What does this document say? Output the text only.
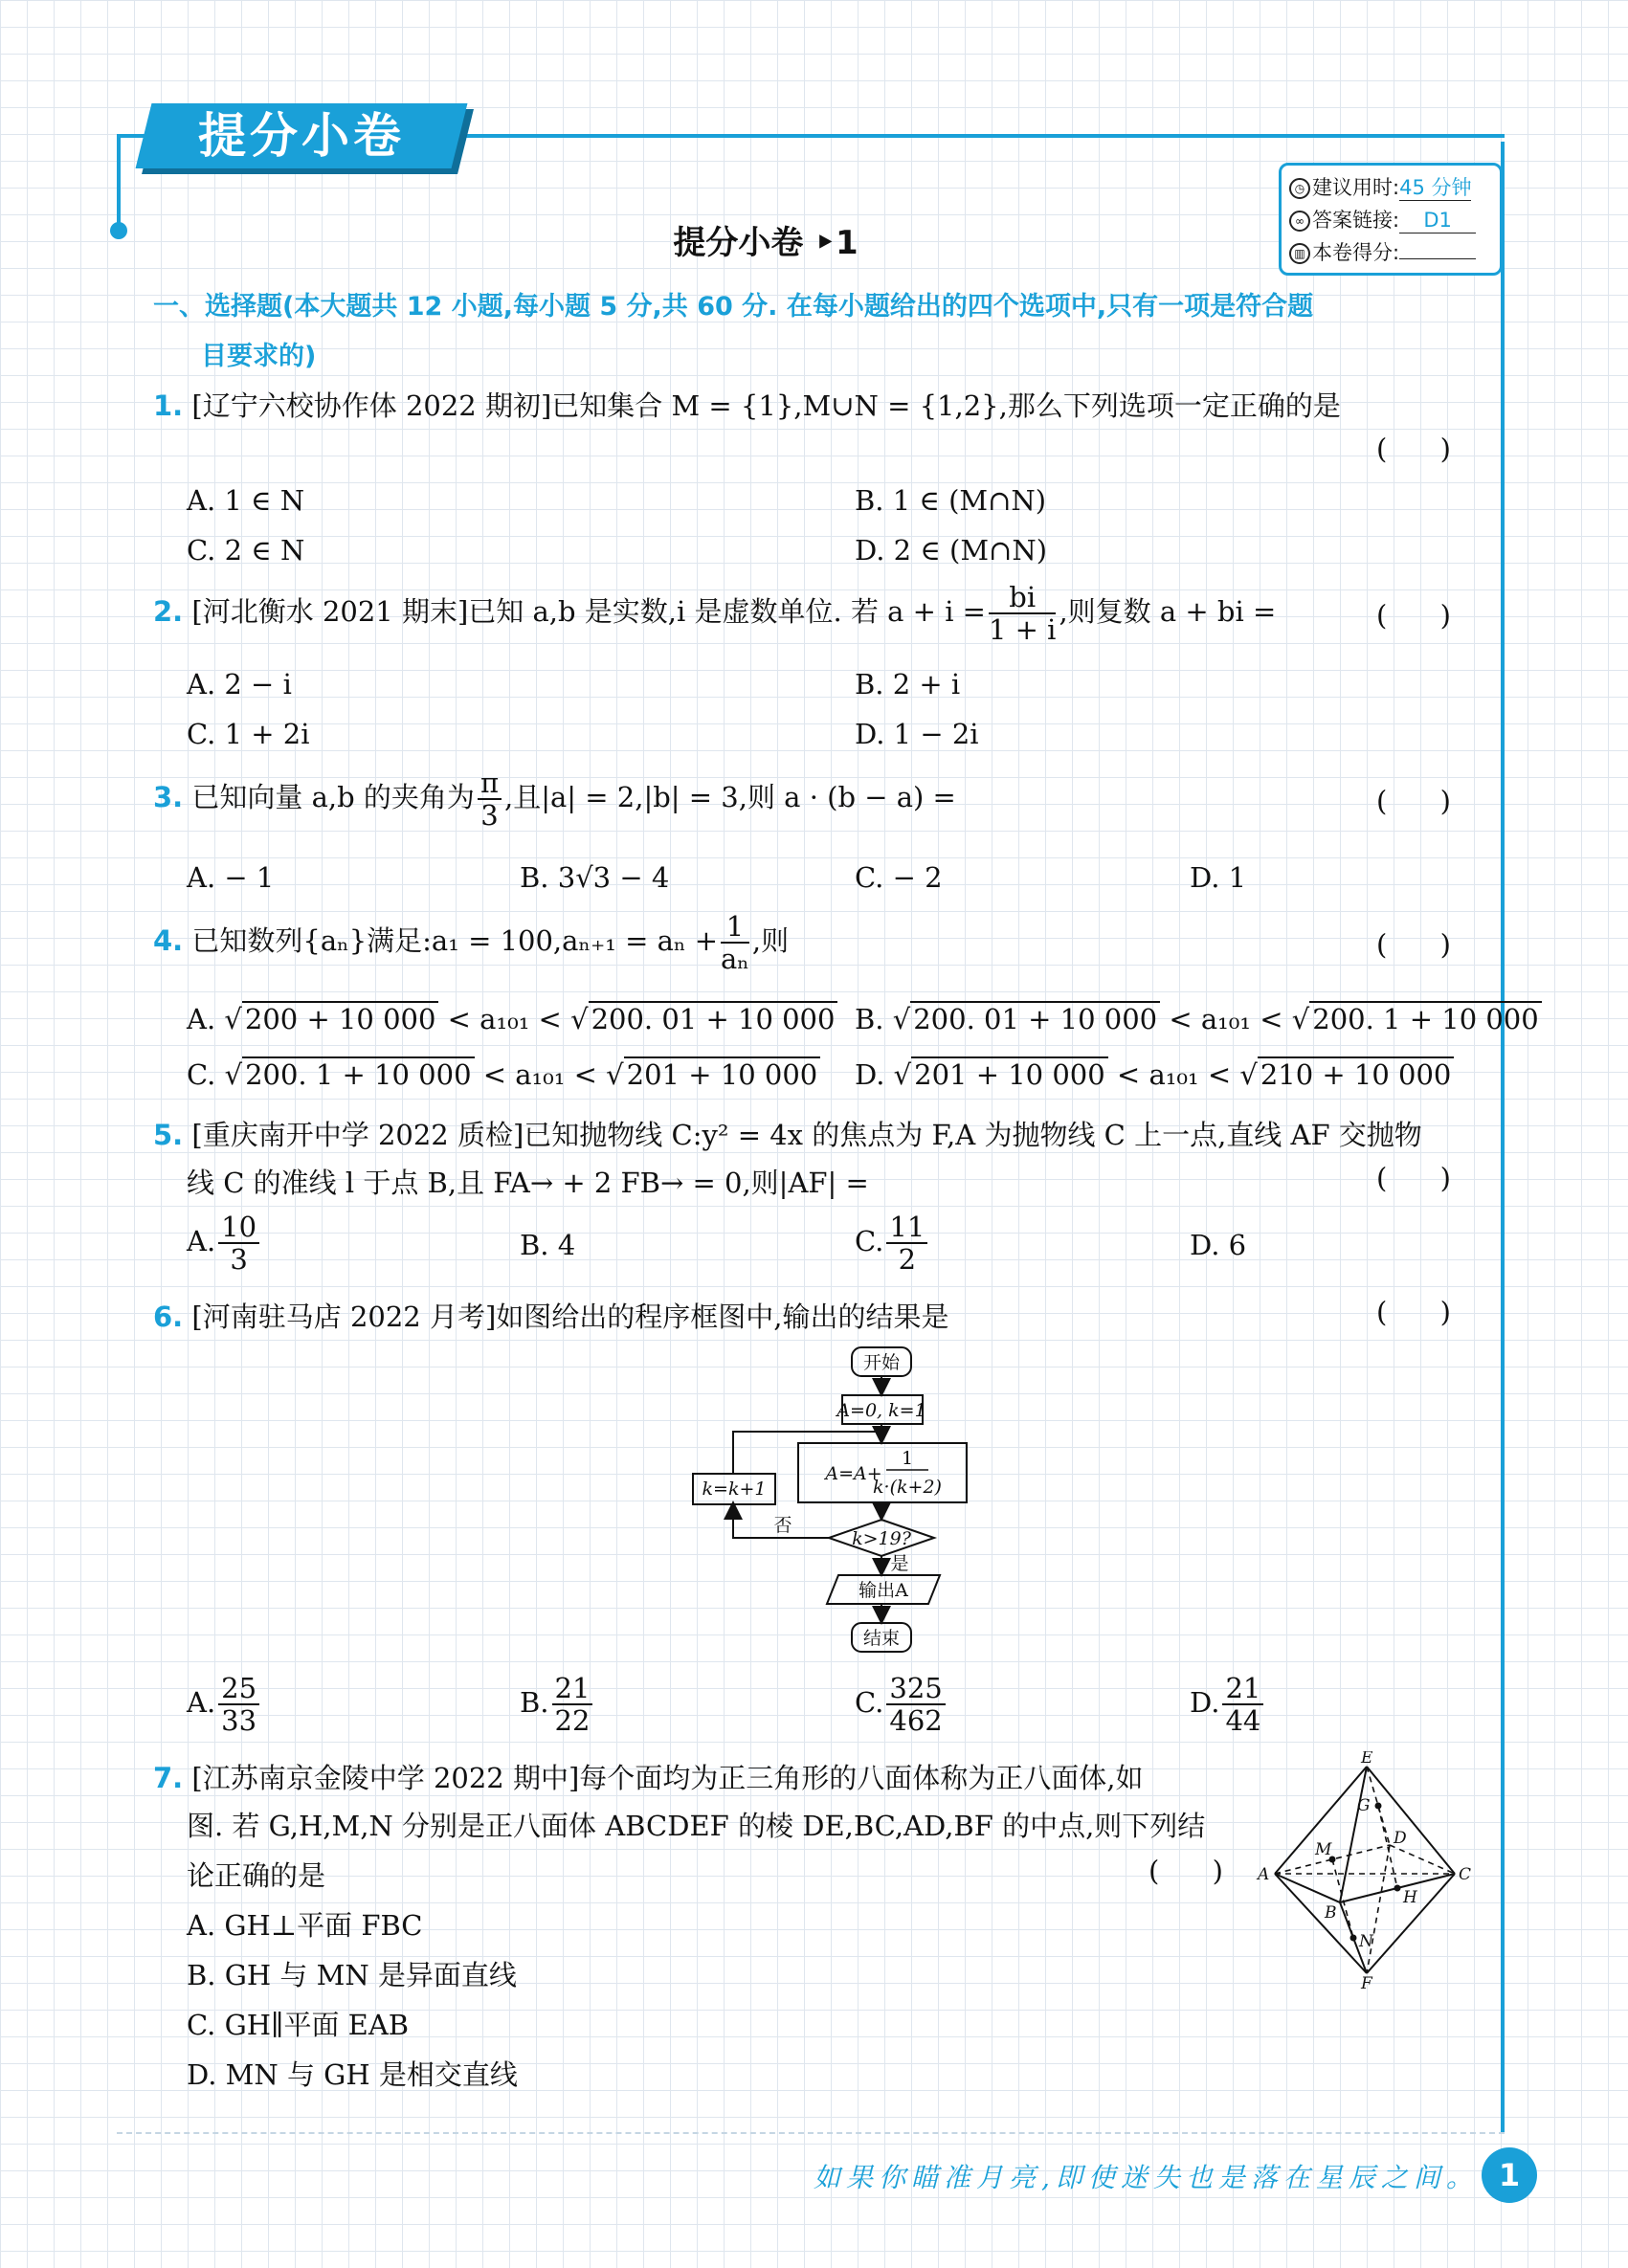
提分小卷
◷ 建议用时:45 分钟
∞ 答案链接: D1
▥ 本卷得分:
提分小卷 ‣1
一、选择题(本大题共 12 小题,每小题 5 分,共 60 分. 在每小题给出的四个选项中,只有一项是符合题
目要求的)
1. [辽宁六校协作体 2022 期初]已知集合 M = {1},M∪N = {1,2},那么下列选项一定正确的是
(      )
A. 1 ∈ N	B. 1 ∈ (M∩N)
C. 2 ∈ N	D. 2 ∈ (M∩N)
2. [河北衡水 2021 期末]已知 a,b 是实数,i 是虚数单位. 若 $a + i = \frac{bi}{1 + i}$ ,则复数 a + bi =	(      )
A. 2 − i	B. 2 + i
C. 1 + 2i	D. 1 − 2i
3. 已知向量 a,b 的夹角为 $\frac{\pi}{3}$ ,且|a| = 2,|b| = 3,则 a · (b − a) =	(      )
A. − 1	B. 3√3 − 4	C. − 2	D. 1
4. 已知数列{aₙ}满足:a₁ = $100,a_{n+1} = a_n + \frac{1}{\text{aₙ}}$ ,则	(      )
A. √ 200 + 10 000 < a₁₀₁ < √ 200. 01 + 10 000 B. √ 200. 01 + 10 000 < a₁₀₁ < √ 200. 1 + 10 000
C. √ 200. 1 + 10 000 < a₁₀₁ < √ 201 + 10 000 D. √ 201 + 10 000 < a₁₀₁ < √ 210 + 10 000
5. [重庆南开中学 2022 质检]已知抛物线 C:y² = 4x 的焦点为 F,A 为抛物线 C 上一点,直线 AF 交抛物
线 C 的准线 l 于点 B,且 FA→ + 2 FB→ = 0,则|AF| =	(      )
A. $\frac{10}{3}$	B. 4	C. $\frac{11}{2}$	D. 6
6. [河南驻马店 2022 月考]如图给出的程序框图中,输出的结果是	(      )
开始
A=0, k=1
A=A+
1
k·(k+2)
k=k+1
k>19?
否
是
输出A
结束
A. $\frac{25}{33}$	B. $\frac{21}{22}$	C. $\frac{325}{462}$	D. $\frac{21}{44}$
7. [江苏南京金陵中学 2022 期中]每个面均为正三角形的八面体称为正八面体,如
图. 若 G,H,M,N 分别是正八面体 ABCDEF 的棱 DE,BC,AD,BF 的中点,则下列结
论正确的是	(      )
A. GH⊥平面 FBC
B. GH 与 MN 是异面直线
C. GH∥平面 EAB
D. MN 与 GH 是相交直线
E
G
D
M
A	C
H
B
N
F
如果你瞄准月亮,即使迷失也是落在星辰之间。 1
